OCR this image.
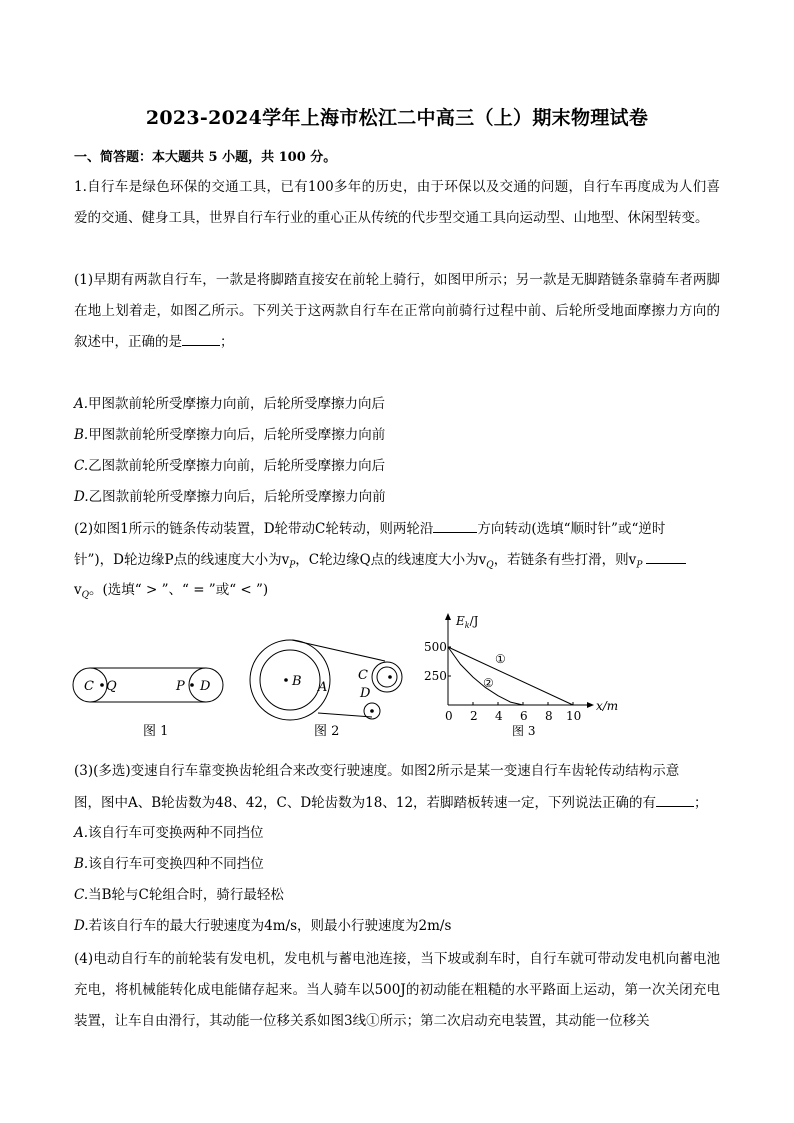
2023-2024学年上海市松江二中高三（上）期末物理试卷
一、简答题：本大题共 5 小题，共 100 分。
1.自行车是绿色环保的交通工具，已有100多年的历史，由于环保以及交通的问题，自行车再度成为人们喜爱的交通、健身工具，世界自行车行业的重心正从传统的代步型交通工具向运动型、山地型、休闲型转变。
(1)早期有两款自行车，一款是将脚踏直接安在前轮上骑行，如图甲所示；另一款是无脚踏链条靠骑车者两脚在地上划着走，如图乙所示。下列关于这两款自行车在正常向前骑行过程中前、后轮所受地面摩擦力方向的叙述中，正确的是	；
A.甲图款前轮所受摩擦力向前，后轮所受摩擦力向后
B.甲图款前轮所受摩擦力向后，后轮所受摩擦力向前
C.乙图款前轮所受摩擦力向前，后轮所受摩擦力向后
D.乙图款前轮所受摩擦力向后，后轮所受摩擦力向前
(2)如图1所示的链条传动装置，D轮带动C轮转动，则两轮沿	方向转动(选填“顺时针”或“逆时
针”)，D轮边缘P点的线速度大小为$v_P$，C轮边缘Q点的线速度大小为$v_Q$，若链条有些打滑，则$v_P$
$v_Q$。(选填“ > ”、“ = ”或“ < ”)
C Q	P D
图 1
B A
C
D
图 2
$E_k/J$
x/m
0 2 4 6 8 10
500
250
①
②
图 3
(3)(多选)变速自行车靠变换齿轮组合来改变行驶速度。如图2所示是某一变速自行车齿轮传动结构示意
图，图中A、B轮齿数为48、42，C、D轮齿数为18、12，若脚踏板转速一定，下列说法正确的有	；
A.该自行车可变换两种不同挡位
B.该自行车可变换四种不同挡位
C.当B轮与C轮组合时，骑行最轻松
D.若该自行车的最大行驶速度为4m/s，则最小行驶速度为2m/s
(4)电动自行车的前轮装有发电机，发电机与蓄电池连接，当下坡或刹车时，自行车就可带动发电机向蓄电池充电，将机械能转化成电能储存起来。当人骑车以500J的初动能在粗糙的水平路面上运动，第一次关闭充电装置，让车自由滑行，其动能一位移关系如图3线①所示；第二次启动充电装置，其动能一位移关
